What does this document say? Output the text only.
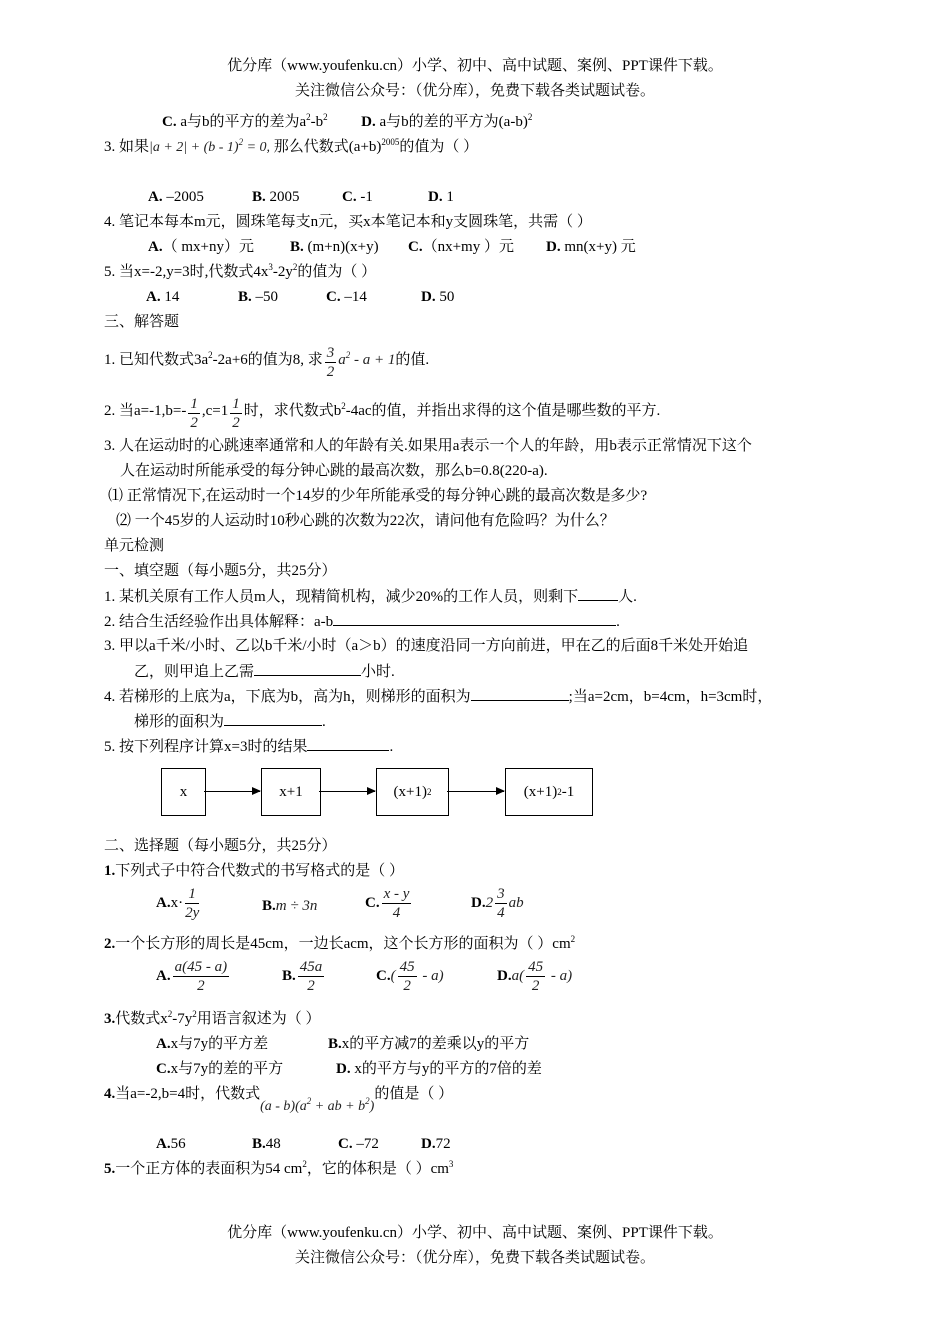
优分库（www.youfenku.cn）小学、初中、高中试题、案例、PPT课件下载。
关注微信公众号：（优分库），免费下载各类试题试卷。
C. a与b的平方的差为$a^2-b^2$ D. a与b的差的平方为$(a-b)^2$
3. 如果|a + 2| + (b - 1)$^2$ = 0, 那么代数式$(a+b)^{2005}$的值为（ ）
A. –2005	B. 2005	C. -1	D. 1
4. 笔记本每本m元，圆珠笔每支n元，买x本笔记本和y支圆珠笔，共需（ ）
A.（ mx+ny）元 B. (m+n)(x+y) C.（nx+my ）元 D. mn(x+y) 元
5. 当x=-2,y=3时,代数式$4x^3-2y^2$的值为（ ）
A. 14	B. –50	C. –14	D. 50
三、解答题
1. 已知代数式$3a^2-2a+6$的值为8, 求 $\frac{3}{2} a^2 - a + 1$的值.
2. 当$a=-1,b=- \frac{1}{2} ,c=1 \frac{1}{2}$ 时，求代数式$b^2-4ac$的值，并指出求得的这个值是哪些数的平方.
3. 人在运动时的心跳速率通常和人的年龄有关.如果用a表示一个人的年龄，用b表示正常情况下这个
人在运动时所能承受的每分钟心跳的最高次数，那么b=0.8(220-a).
⑴ 正常情况下,在运动时一个14岁的少年所能承受的每分钟心跳的最高次数是多少?
⑵ 一个45岁的人运动时10秒心跳的次数为22次，请问他有危险吗？为什么？
单元检测
一、填空题（每小题5分，共25分）
1. 某机关原有工作人员m人，现精简机构，减少20%的工作人员，则剩下	人.
2. 结合生活经验作出具体解释：a-b	.
3. 甲以a千米/小时、乙以b千米/小时（a＞b）的速度沿同一方向前进，甲在乙的后面8千米处开始追
乙，则甲追上乙需	小时.
4. 若梯形的上底为a，下底为b，高为h，则梯形的面积为	;当a=2cm，b=4cm，h=3cm时，
梯形的面积为	.
5. 按下列程序计算x=3时的结果	.
x	x+1	(x+1) 2	(x+1) 2 -1
二、选择题（每小题5分，共25分）
1.下列式子中符合代数式的书写格式的是（ ）
$A.x\cdot \frac{1}{2y}$	B.m ÷ 3n	C. $\frac{x - y}{4}$	$D.2 \frac{3}{4}$ ab
2.一个长方形的周长是45cm，一边长acm，这个长方形的面积为（ ）$cm^2$
A. $\frac{a(45 - a)}{2}$	B. $\frac{45a}{2}$	$C.( \frac{45}{2} - a)$	$D.a( \frac{45}{2} - a)$
3.代数式$x^2-7y^2$用语言叙述为（ ）
A.x与7y的平方差	B.x的平方减7的差乘以y的平方
C.x与7y的差的平方	D. x的平方与y的平方的7倍的差
4.当a=-2,b=4时，代数式$(a - b)(a^2$ + ab + $b^2$)的值是（ ）
A.56	B.48	C. –72	D.72
5.一个正方体的表面积为54 $cm^2$，它的体积是（ ）$cm^3$
优分库（www.youfenku.cn）小学、初中、高中试题、案例、PPT课件下载。
关注微信公众号：（优分库），免费下载各类试题试卷。
